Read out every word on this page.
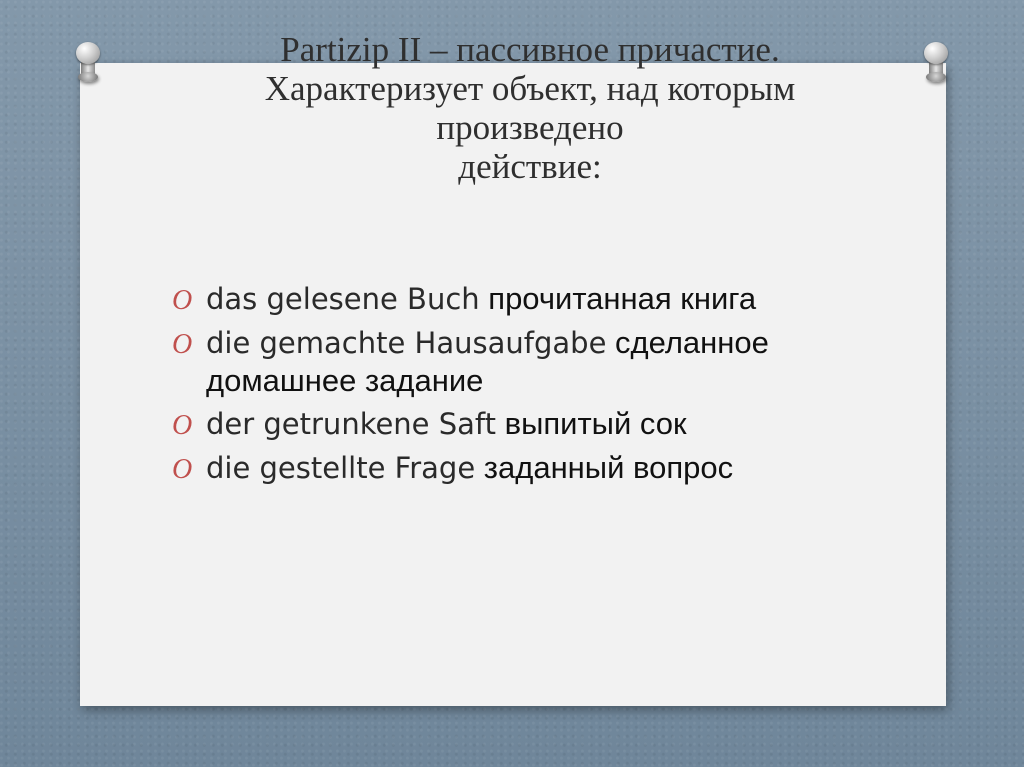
Partizip II – пассивное причастие.
Характеризует объект, над которым
произведено
действие:
O das gelesene Buch прочитанная книга
O die gemachte Hausaufgabe сделанное домашнее задание
O der getrunkene Saft выпитый сок
O die gestellte Frage заданный вопрос
